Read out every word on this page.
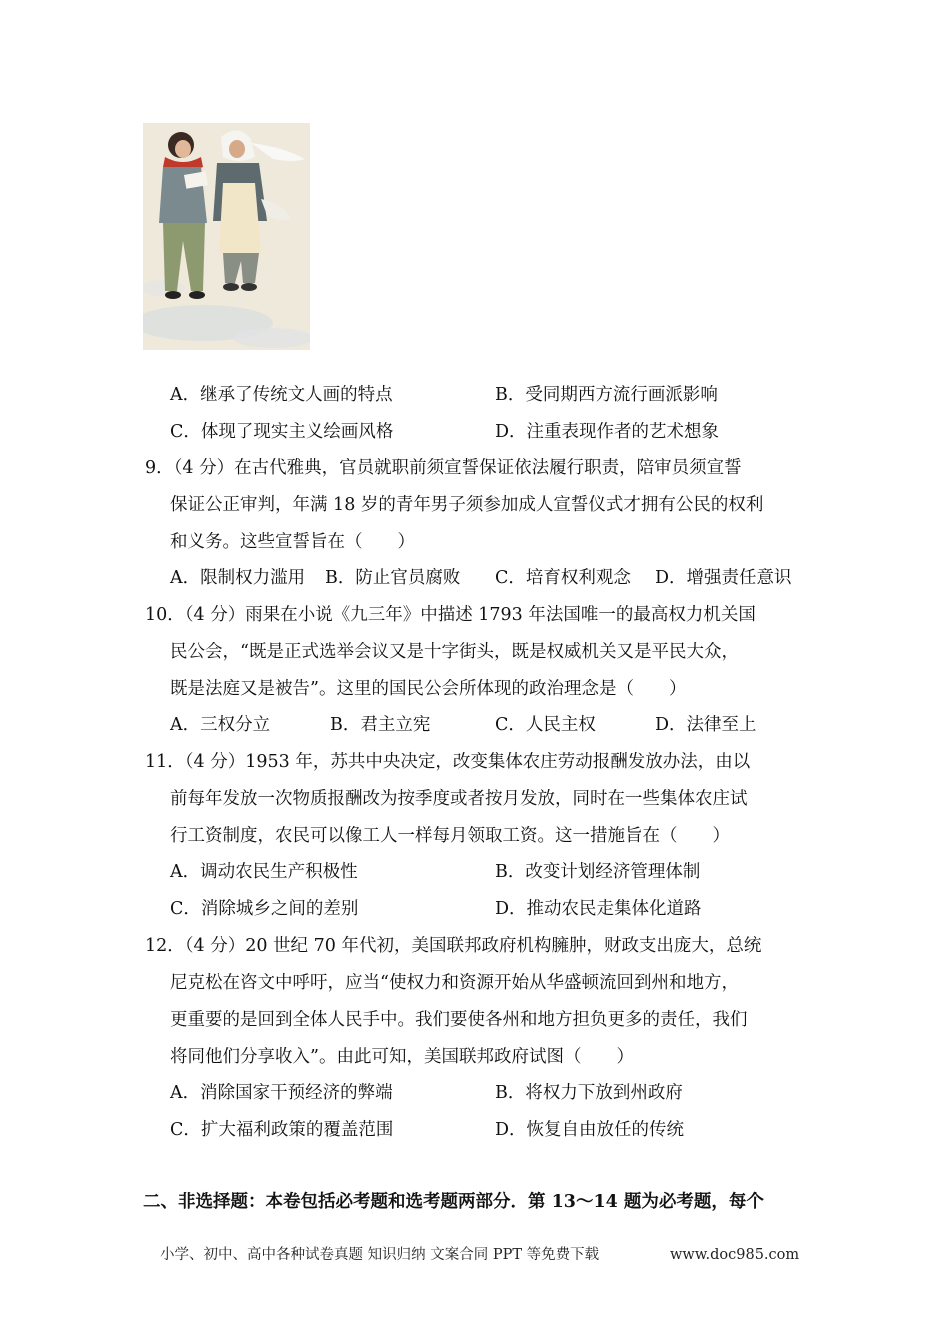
A．继承了传统文人画的特点	B．受同期西方流行画派影响
C．体现了现实主义绘画风格	D．注重表现作者的艺术想象
9．（4 分）在古代雅典，官员就职前须宣誓保证依法履行职责，陪审员须宣誓
保证公正审判，年满 18 岁的青年男子须参加成人宣誓仪式才拥有公民的权利
和义务。这些宣誓旨在（　　）
A．限制权力滥用 B．防止官员腐败 C．培育权利观念 D．增强责任意识
10．（4 分）雨果在小说《九三年》中描述 1793 年法国唯一的最高权力机关国
民公会，“既是正式选举会议又是十字街头，既是权威机关又是平民大众，
既是法庭又是被告”。这里的国民公会所体现的政治理念是（　　）
A．三权分立	B．君主立宪	C．人民主权	D．法律至上
11．（4 分）1953 年，苏共中央决定，改变集体农庄劳动报酬发放办法，由以
前每年发放一次物质报酬改为按季度或者按月发放，同时在一些集体农庄试
行工资制度，农民可以像工人一样每月领取工资。这一措施旨在（　　）
A．调动农民生产积极性	B．改变计划经济管理体制
C．消除城乡之间的差别	D．推动农民走集体化道路
12．（4 分）20 世纪 70 年代初，美国联邦政府机构臃肿，财政支出庞大，总统
尼克松在咨文中呼吁，应当“使权力和资源开始从华盛顿流回到州和地方，
更重要的是回到全体人民手中。我们要使各州和地方担负更多的责任，我们
将同他们分享收入”。由此可知，美国联邦政府试图（　　）
A．消除国家干预经济的弊端	B．将权力下放到州政府
C．扩大福利政策的覆盖范围	D．恢复自由放任的传统
二、非选择题：本卷包括必考题和选考题两部分．第 13～14 题为必考题，每个
小学、初中、高中各种试卷真题 知识归纳 文案合同 PPT 等免费下载	www.doc985.com
